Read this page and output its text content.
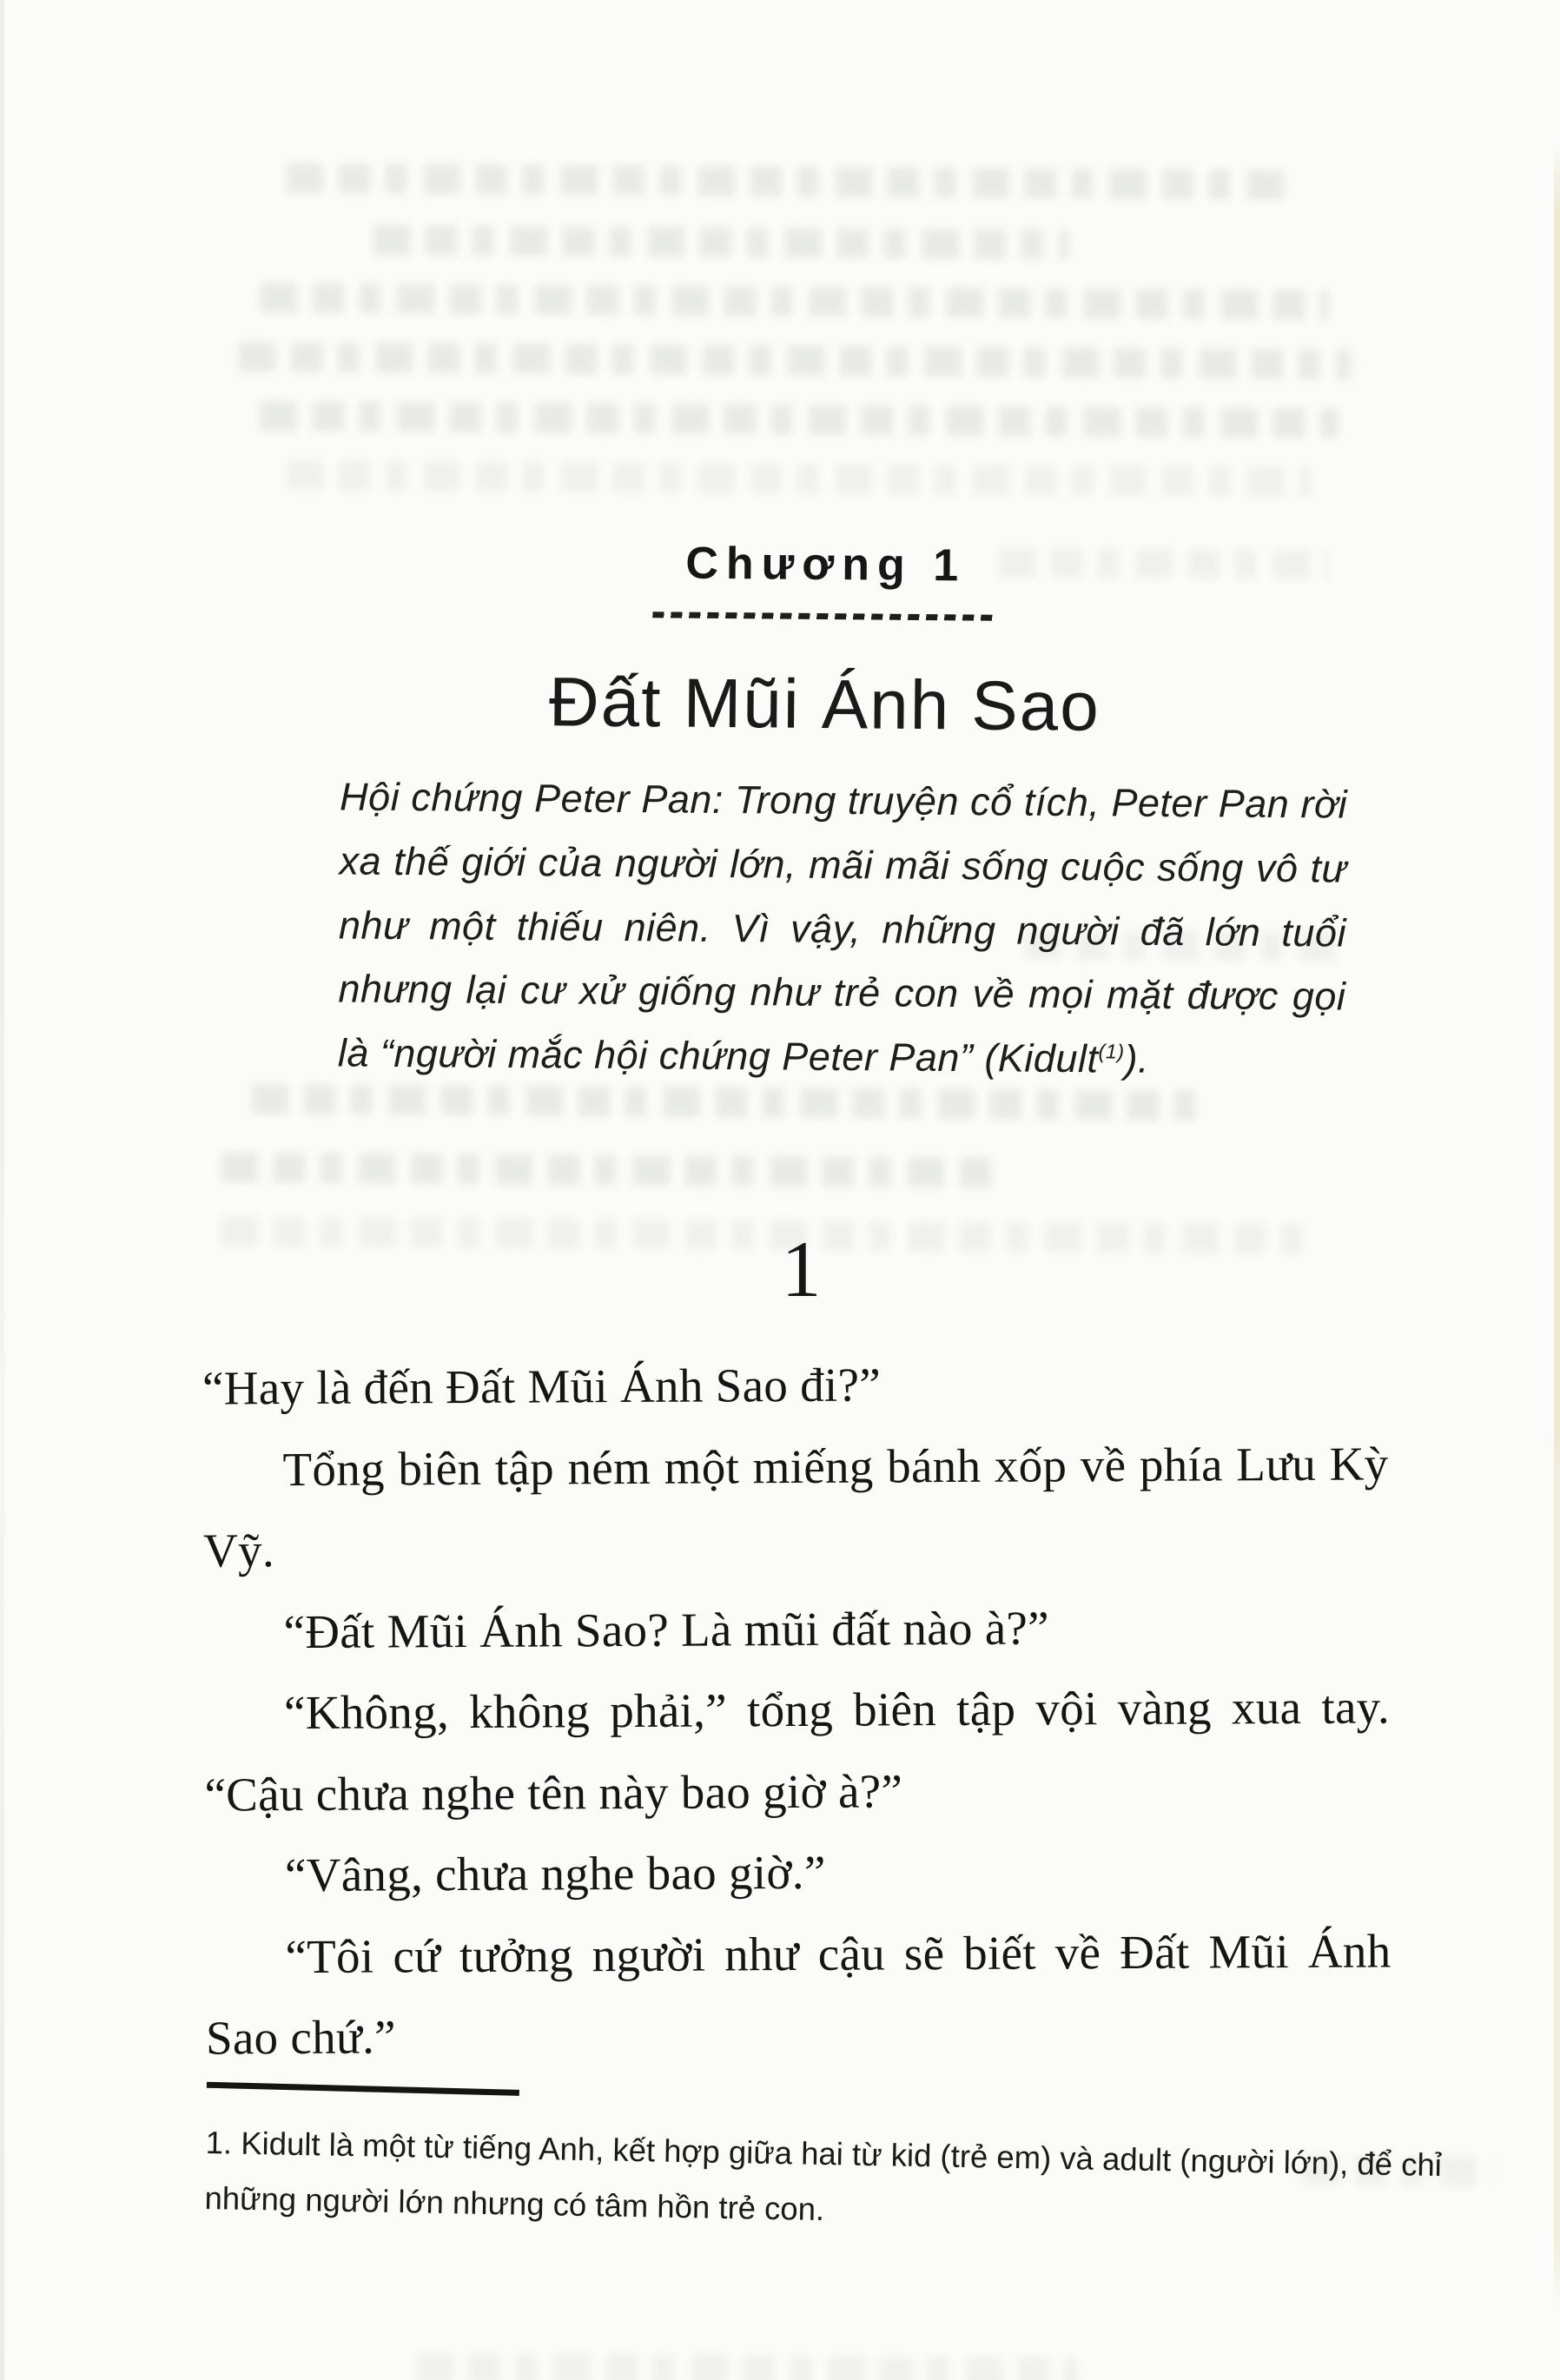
Chương 1
Đất Mũi Ánh Sao
Hội chứng Peter Pan: Trong truyện cổ tích, Peter Pan rời xa thế giới của người lớn, mãi mãi sống cuộc sống vô tư như một thiếu niên. Vì vậy, những người đã lớn tuổi nhưng lại cư xử giống như trẻ con về mọi mặt được gọi là “người mắc hội chứng Peter Pan” (Kidult$^{(1)}$).
1

“Hay là đến Đất Mũi Ánh Sao đi?”

Tổng biên tập ném một miếng bánh xốp về phía Lưu Kỳ Vỹ.

“Đất Mũi Ánh Sao? Là mũi đất nào à?”

“Không, không phải,” tổng biên tập vội vàng xua tay. “Cậu chưa nghe tên này bao giờ à?”

“Vâng, chưa nghe bao giờ.”

“Tôi cứ tưởng người như cậu sẽ biết về Đất Mũi Ánh Sao chứ.”

1. Kidult là một từ tiếng Anh, kết hợp giữa hai từ kid (trẻ em) và adult (người lớn), để chỉ những người lớn nhưng có tâm hồn trẻ con.
